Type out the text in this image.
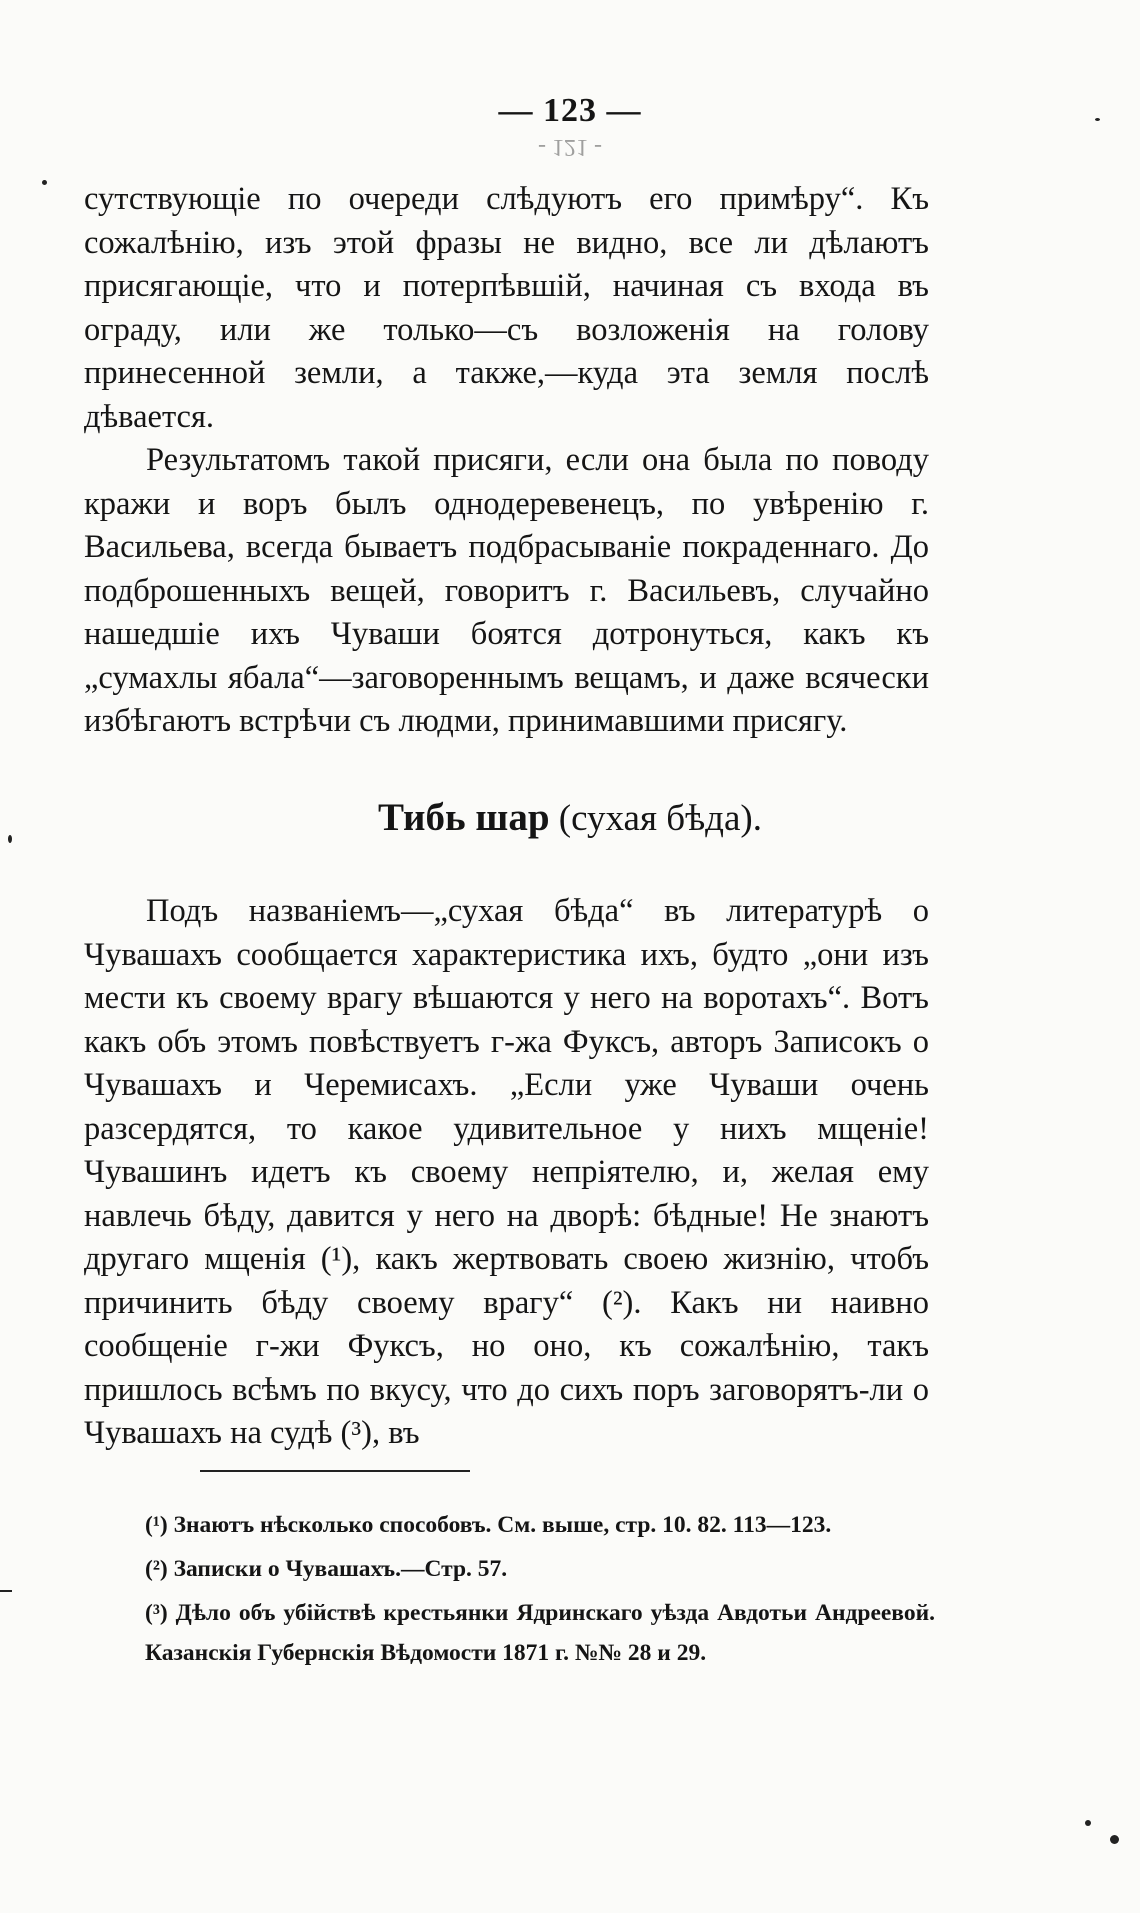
— 123 —
- 121 -

сутствующіе по очереди слѣдуютъ его примѣру“. Къ сожалѣнію, изъ этой фразы не видно, все ли дѣлаютъ присягающіе, что и потерпѣвшій, начиная съ входа въ ограду, или же только—съ возложенія на голову принесенной земли, а также,—куда эта земля послѣ дѣвается.

Результатомъ такой присяги, если она была по поводу кражи и воръ былъ однодеревенецъ, по увѣренію г. Васильева, всегда бываетъ подбрасываніе покраденнаго. До подброшенныхъ вещей, говоритъ г. Васильевъ, случайно нашедшіе ихъ Чуваши боятся дотронуться, какъ къ „сумахлы ябала“—заговореннымъ вещамъ, и даже всячески избѣгаютъ встрѣчи съ людми, принимавшими присягу.

Тибь шар (сухая бѣда).

Подъ названіемъ—„сухая бѣда“ въ литературѣ о Чувашахъ сообщается характеристика ихъ, будто „они изъ мести къ своему врагу вѣшаются у него на воротахъ“. Вотъ какъ объ этомъ повѣствуетъ г-жа Фуксъ, авторъ Записокъ о Чувашахъ и Черемисахъ. „Если уже Чуваши очень разсердятся, то какое удивительное у нихъ мщеніе! Чувашинъ идетъ къ своему непріятелю, и, желая ему навлечь бѣду, давится у него на дворѣ: бѣдные! Не знаютъ другаго мщенія (¹), какъ жертвовать своею жизнію, чтобъ причинить бѣду своему врагу“ (²). Какъ ни наивно сообщеніе г-жи Фуксъ, но оно, къ сожалѣнію, такъ пришлось всѣмъ по вкусу, что до сихъ поръ заговорятъ-ли о Чувашахъ на судѣ (³), въ

(¹) Знаютъ нѣсколько способовъ. См. выше, стр. 10. 82. 113—123.

(²) Записки о Чувашахъ.—Стр. 57.

(³) Дѣло объ убійствѣ крестьянки Ядринскаго уѣзда Авдотьи Андреевой. Казанскія Губернскія Вѣдомости 1871 г. №№ 28 и 29.
